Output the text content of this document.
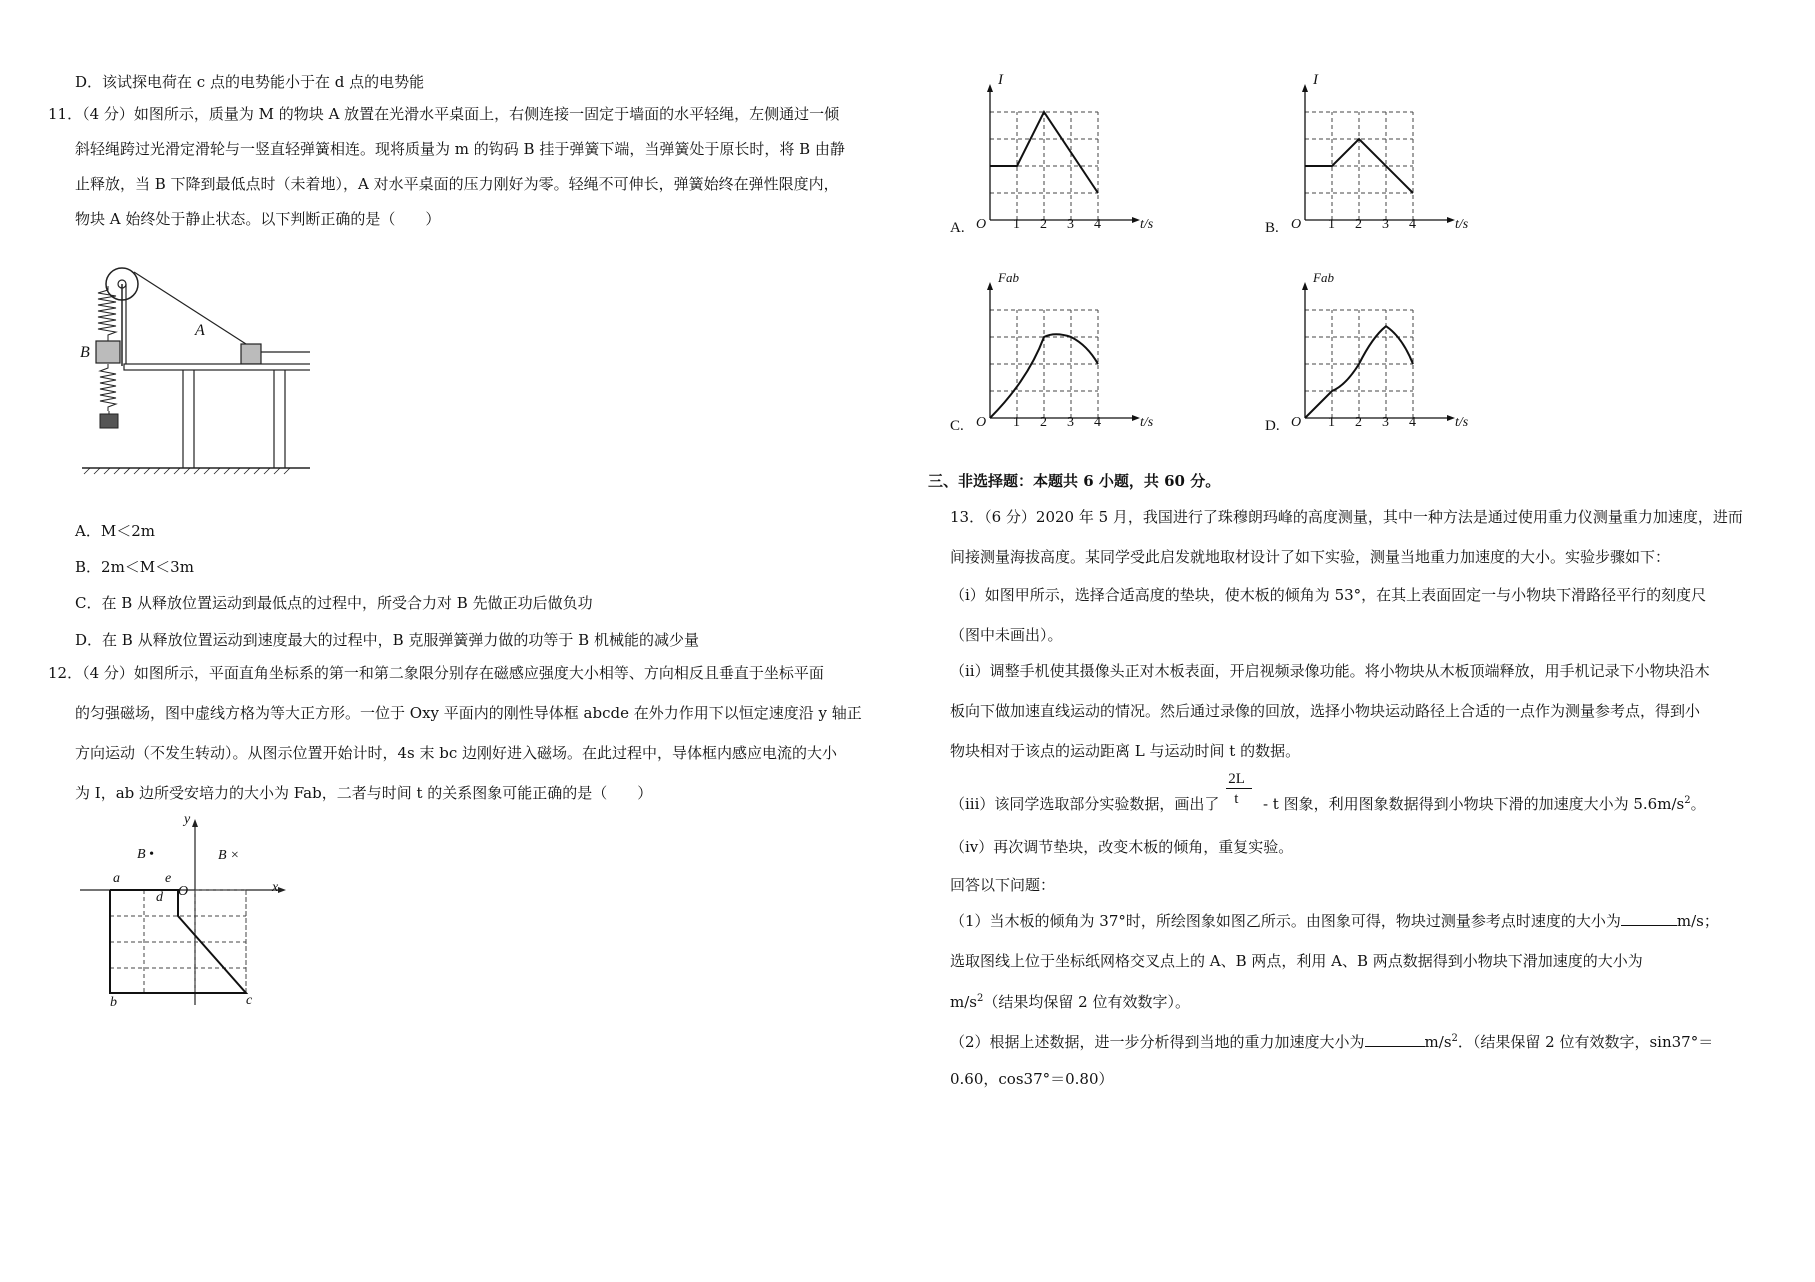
D．该试探电荷在 c 点的电势能小于在 d 点的电势能
11．（4 分）如图所示，质量为 M 的物块 A 放置在光滑水平桌面上，右侧连接一固定于墙面的水平轻绳，左侧通过一倾
斜轻绳跨过光滑定滑轮与一竖直轻弹簧相连。现将质量为 m 的钩码 B 挂于弹簧下端，当弹簧处于原长时，将 B 由静
止释放，当 B 下降到最低点时（未着地），A 对水平桌面的压力刚好为零。轻绳不可伸长，弹簧始终在弹性限度内，
物块 A 始终处于静止状态。以下判断正确的是（　　）
B
A
A．M＜2m
B．2m＜M＜3m
C．在 B 从释放位置运动到最低点的过程中，所受合力对 B 先做正功后做负功
D．在 B 从释放位置运动到速度最大的过程中，B 克服弹簧弹力做的功等于 B 机械能的减少量
12．（4 分）如图所示，平面直角坐标系的第一和第二象限分别存在磁感应强度大小相等、方向相反且垂直于坐标平面
的匀强磁场，图中虚线方格为等大正方形。一位于 Oxy 平面内的刚性导体框 abcde 在外力作用下以恒定速度沿 y 轴正
方向运动（不发生转动）。从图示位置开始计时，4s 末 bc 边刚好进入磁场。在此过程中，导体框内感应电流的大小
为 I，ab 边所受安培力的大小为 Fab，二者与时间 t 的关系图象可能正确的是（　　）
y
x
O
B •	B ×
a	e
d
b	c
O 1 2 3 4	t/s
I
A.	O 1 2 3 4	t/s
I
B.
O 1 2 3 4	t/s
Fab
C.	O 1 2 3 4	t/s
Fab
D.
三、非选择题：本题共 6 小题，共 60 分。
13．（6 分）2020 年 5 月，我国进行了珠穆朗玛峰的高度测量，其中一种方法是通过使用重力仪测量重力加速度，进而
间接测量海拔高度。某同学受此启发就地取材设计了如下实验，测量当地重力加速度的大小。实验步骤如下：
（i）如图甲所示，选择合适高度的垫块，使木板的倾角为 53°，在其上表面固定一与小物块下滑路径平行的刻度尺
（图中未画出）。
（ii）调整手机使其摄像头正对木板表面，开启视频录像功能。将小物块从木板顶端释放，用手机记录下小物块沿木
板向下做加速直线运动的情况。然后通过录像的回放，选择小物块运动路径上合适的一点作为测量参考点，得到小
物块相对于该点的运动距离 L 与运动时间 t 的数据。
（iii）该同学选取部分实验数据，画出了 $\frac{2L}{t}$ - t 图象，利用图象数据得到小物块下滑的加速度大小为 $5.6m/s^2$。
（iv）再次调节垫块，改变木板的倾角，重复实验。
回答以下问题：
（1）当木板的倾角为 37°时，所绘图象如图乙所示。由图象可得，物块过测量参考点时速度的大小为	m/s；
选取图线上位于坐标纸网格交叉点上的 A、B 两点，利用 A、B 两点数据得到小物块下滑加速度的大小为
$m/s^2$（结果均保留 2 位有效数字）。
（2）根据上述数据，进一步分析得到当地的重力加速度大小为	$m/s^2$．（结果保留 2 位有效数字，sin37°＝
0.60，cos37°＝0.80）
